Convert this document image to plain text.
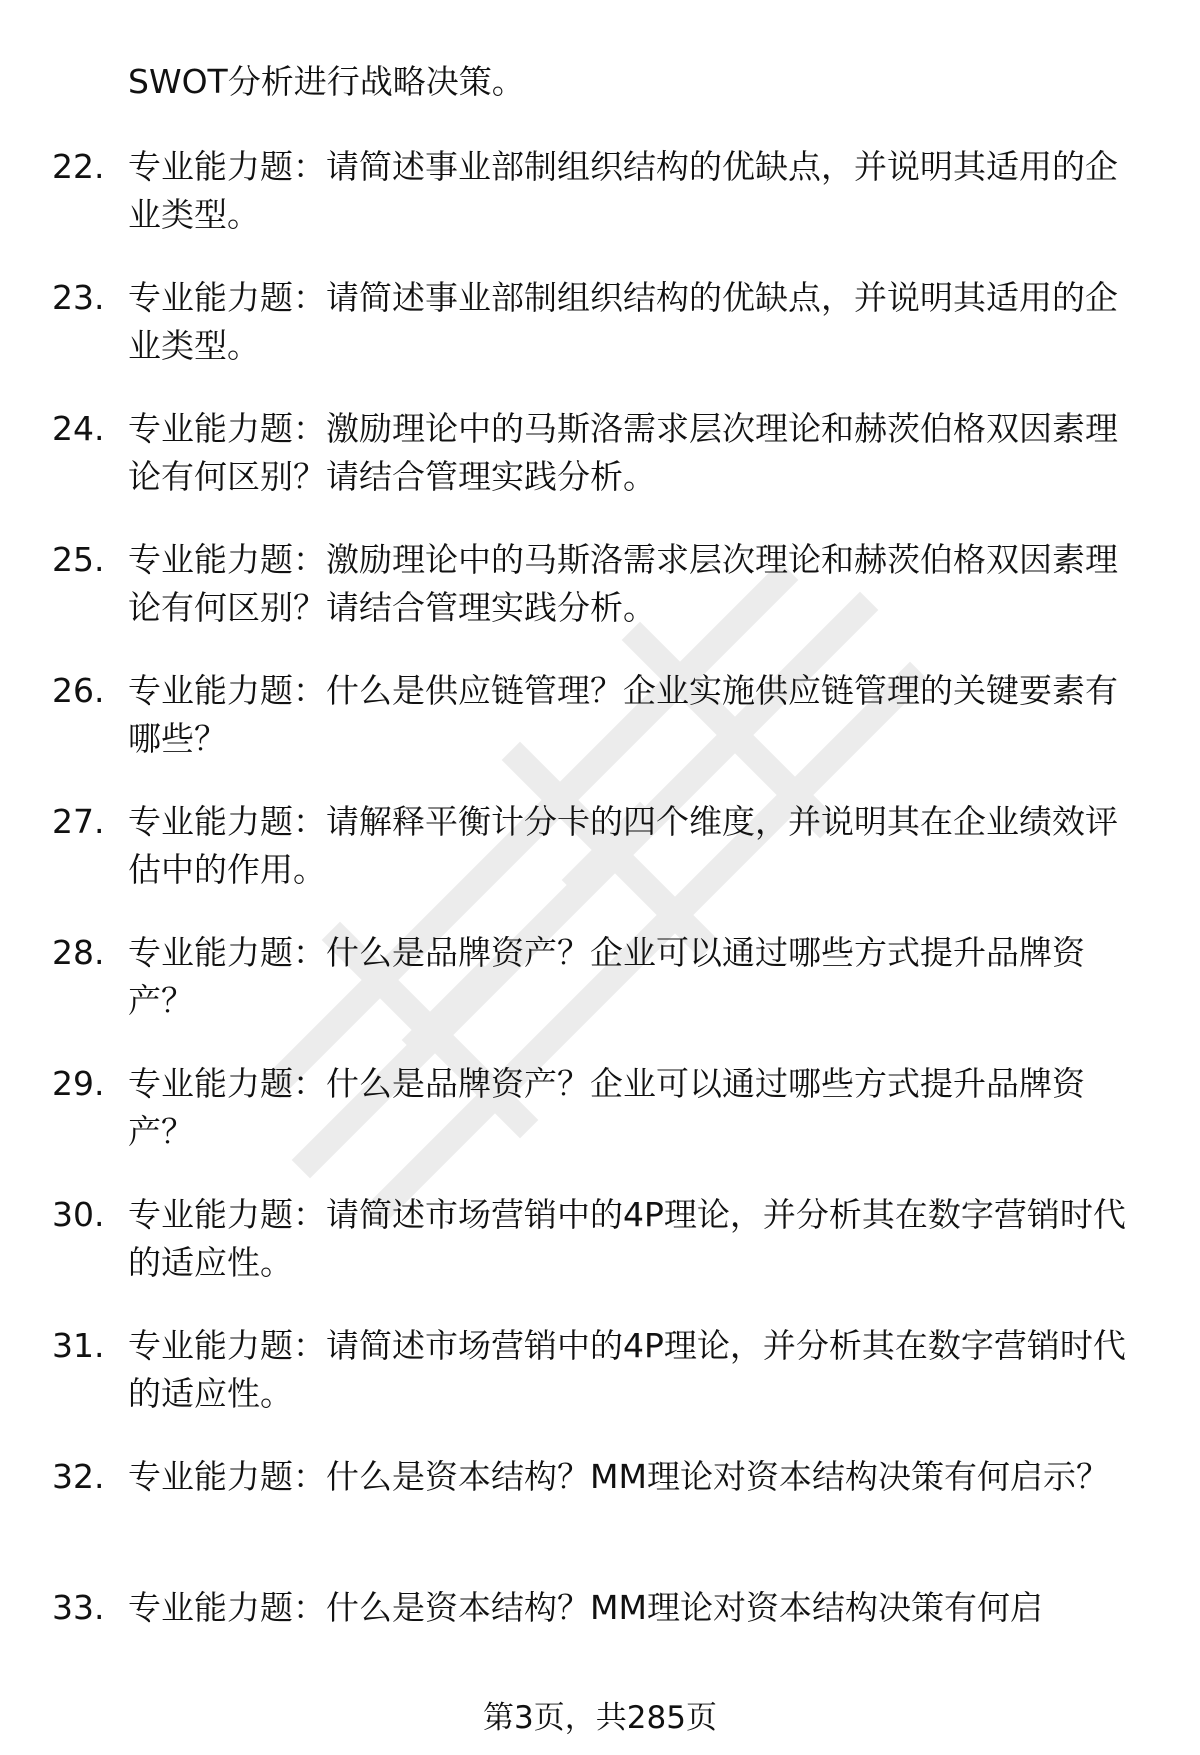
SWOT分析进行战略决策。

22. 专业能力题：请简述事业部制组织结构的优缺点，并说明其适用的企业类型。
23. 专业能力题：请简述事业部制组织结构的优缺点，并说明其适用的企业类型。
24. 专业能力题：激励理论中的马斯洛需求层次理论和赫茨伯格双因素理论有何区别？请结合管理实践分析。
25. 专业能力题：激励理论中的马斯洛需求层次理论和赫茨伯格双因素理论有何区别？请结合管理实践分析。
26. 专业能力题：什么是供应链管理？企业实施供应链管理的关键要素有哪些？
27. 专业能力题：请解释平衡计分卡的四个维度，并说明其在企业绩效评估中的作用。
28. 专业能力题：什么是品牌资产？企业可以通过哪些方式提升品牌资产？
29. 专业能力题：什么是品牌资产？企业可以通过哪些方式提升品牌资产？
30. 专业能力题：请简述市场营销中的4P理论，并分析其在数字营销时代的适应性。
31. 专业能力题：请简述市场营销中的4P理论，并分析其在数字营销时代的适应性。
32. 专业能力题：什么是资本结构？MM理论对资本结构决策有何启示？
33. 专业能力题：什么是资本结构？MM理论对资本结构决策有何启
第3页，共285页
